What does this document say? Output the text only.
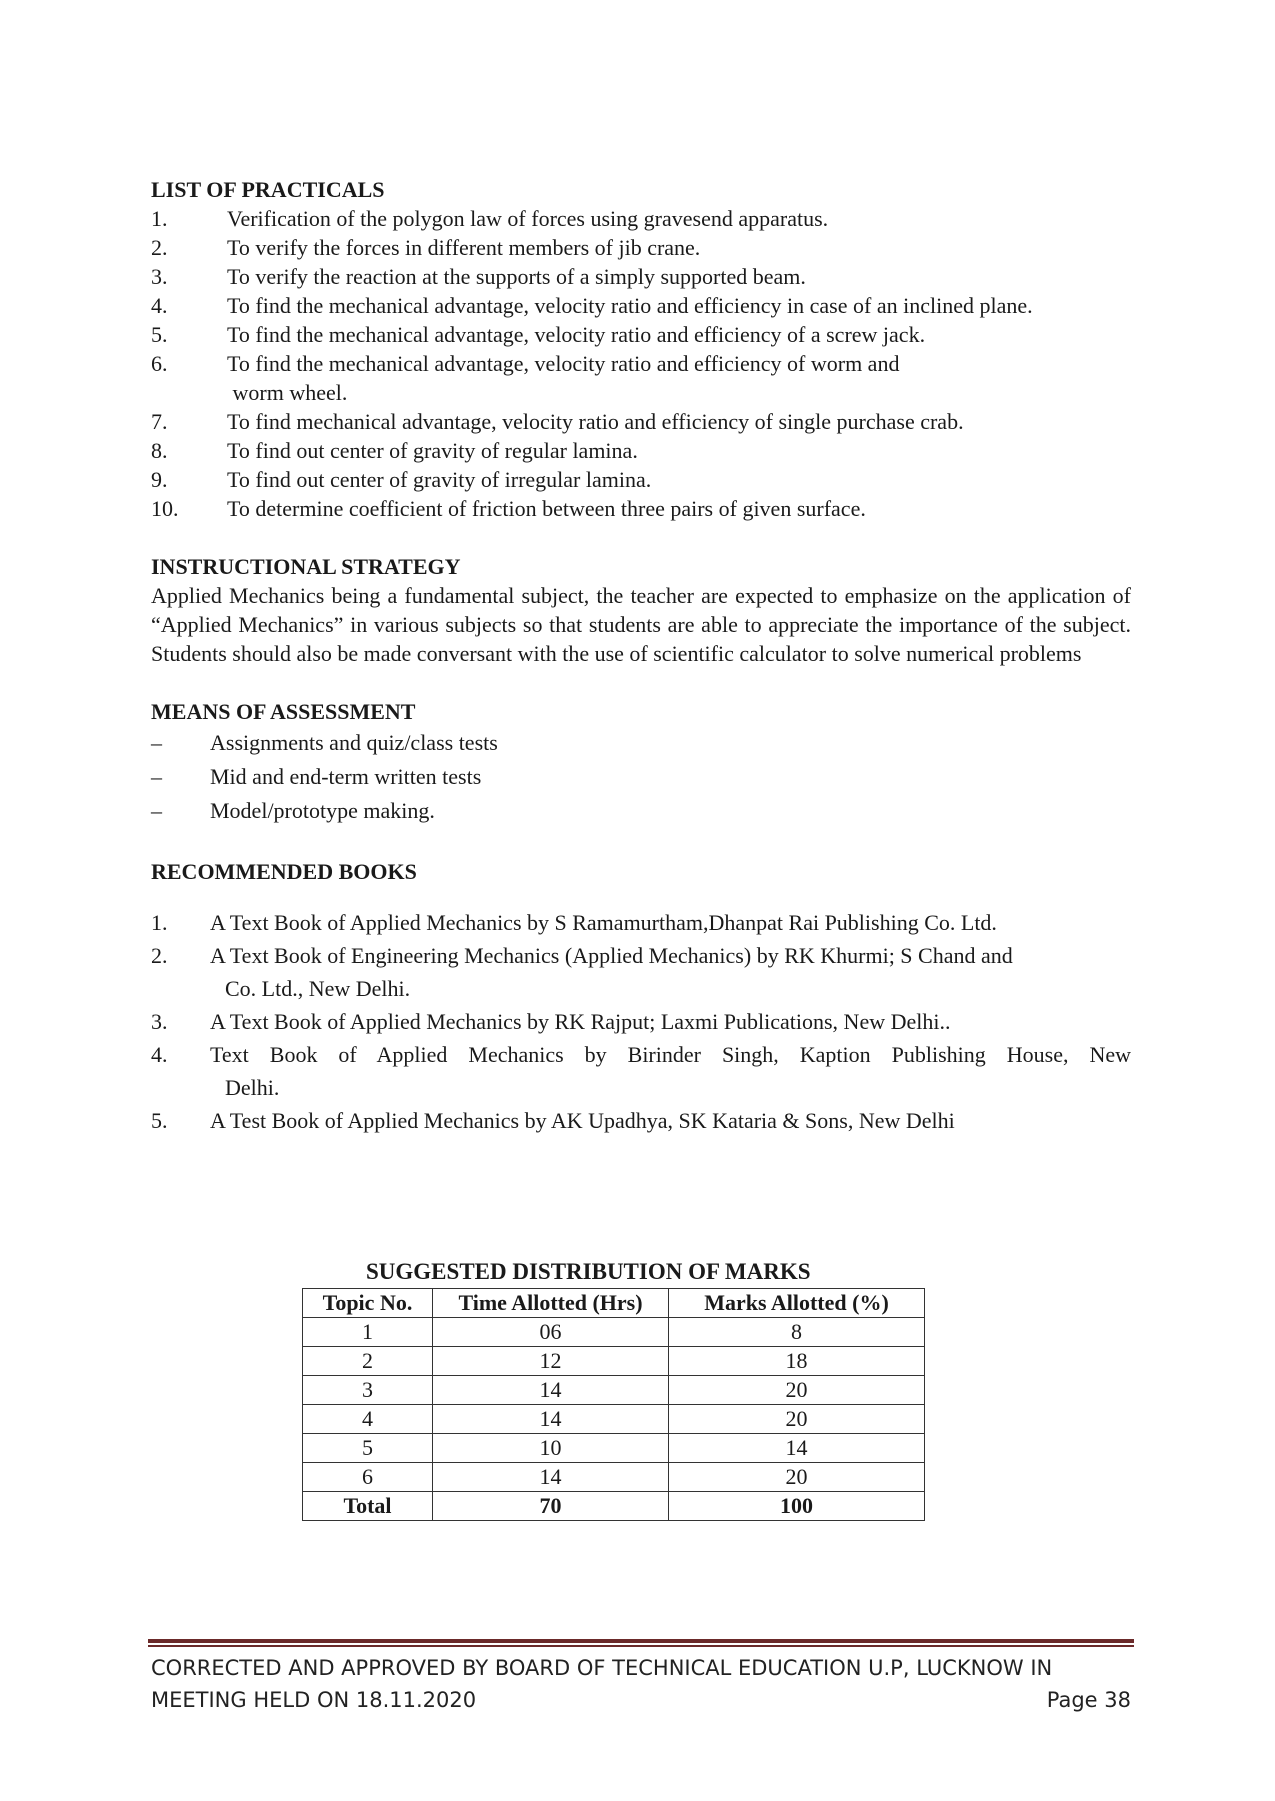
LIST OF PRACTICALS
1.	Verification of the polygon law of forces using gravesend apparatus.
2.	To verify the forces in different members of jib crane.
3.	To verify the reaction at the supports of a simply supported beam.
4.	To find the mechanical advantage, velocity ratio and efficiency in case of an inclined plane.
5.	To find the mechanical advantage, velocity ratio and efficiency of a screw jack.
6.	To find the mechanical advantage, velocity ratio and efficiency of worm and
worm wheel.
7.	To find mechanical advantage, velocity ratio and efficiency of single purchase crab.
8.	To find out center of gravity of regular lamina.
9.	To find out center of gravity of irregular lamina.
10.	To determine coefficient of friction between three pairs of given surface.
INSTRUCTIONAL STRATEGY

Applied Mechanics being a fundamental subject, the teacher are expected to emphasize on the application of “Applied Mechanics” in various subjects so that students are able to appreciate the importance of the subject. Students should also be made conversant with the use of scientific calculator to solve numerical problems

MEANS OF ASSESSMENT
–	Assignments and quiz/class tests
–	Mid and end-term written tests
–	Model/prototype making.
RECOMMENDED BOOKS
1.	A Text Book of Applied Mechanics by S Ramamurtham,Dhanpat Rai Publishing Co. Ltd.
2.	A Text Book of Engineering Mechanics (Applied Mechanics) by RK Khurmi; S Chand and
Co. Ltd., New Delhi.
3.	A Text Book of Applied Mechanics by RK Rajput; Laxmi Publications, New Delhi..
4.	Text Book of Applied Mechanics by Birinder Singh, Kaption Publishing House, New
Delhi.
5.	A Test Book of Applied Mechanics by AK Upadhya, SK Kataria & Sons, New Delhi
SUGGESTED DISTRIBUTION OF MARKS
Topic No.	Time Allotted (Hrs)	Marks Allotted (%)
1	06	8
2	12	18
3	14	20
4	14	20
5	10	14
6	14	20
Total	70	100
CORRECTED AND APPROVED BY BOARD OF TECHNICAL EDUCATION U.P, LUCKNOW IN
MEETING HELD ON 18.11.2020	Page 38
